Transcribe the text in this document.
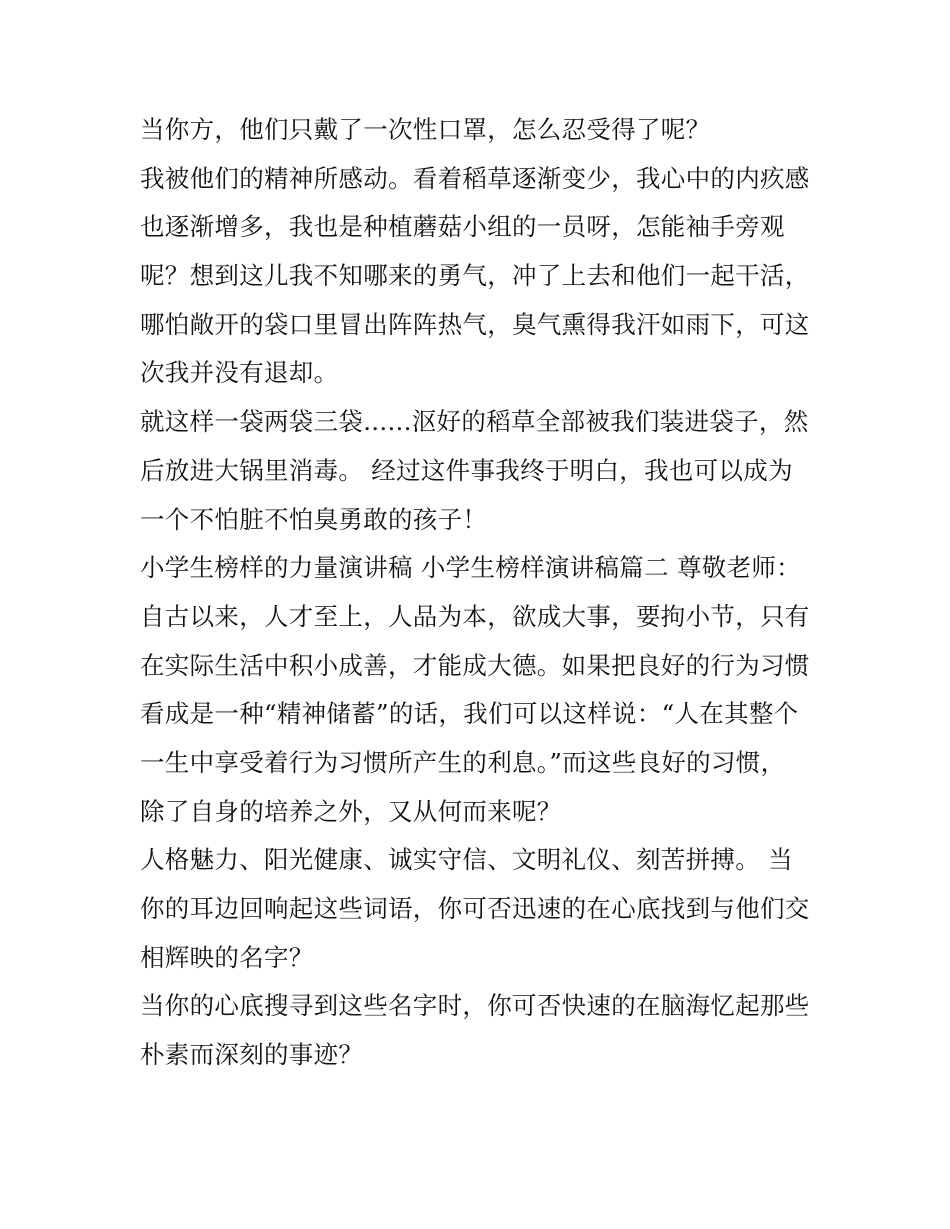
当你方，他们只戴了一次性口罩，怎么忍受得了呢？
我被他们的精神所感动。看着稻草逐渐变少，我心中的内疚感
也逐渐增多，我也是种植蘑菇小组的一员呀，怎能袖手旁观
呢？想到这儿我不知哪来的勇气，冲了上去和他们一起干活，
哪怕敞开的袋口里冒出阵阵热气，臭气熏得我汗如雨下，可这
次我并没有退却。
就这样一袋两袋三袋......沤好的稻草全部被我们装进袋子，然
后放进大锅里消毒。 经过这件事我终于明白，我也可以成为
一个不怕脏不怕臭勇敢的孩子！
小学生榜样的力量演讲稿 小学生榜样演讲稿篇二 尊敬老师：
自古以来，人才至上，人品为本，欲成大事，要拘小节，只有
在实际生活中积小成善，才能成大德。如果把良好的行为习惯
看成是一种“精神储蓄”的话，我们可以这样说：“人在其整个
一生中享受着行为习惯所产生的利息。”而这些良好的习惯，
除了自身的培养之外，又从何而来呢？
人格魅力、阳光健康、诚实守信、文明礼仪、刻苦拼搏。 当
你的耳边回响起这些词语，你可否迅速的在心底找到与他们交
相辉映的名字？
当你的心底搜寻到这些名字时，你可否快速的在脑海忆起那些
朴素而深刻的事迹？
